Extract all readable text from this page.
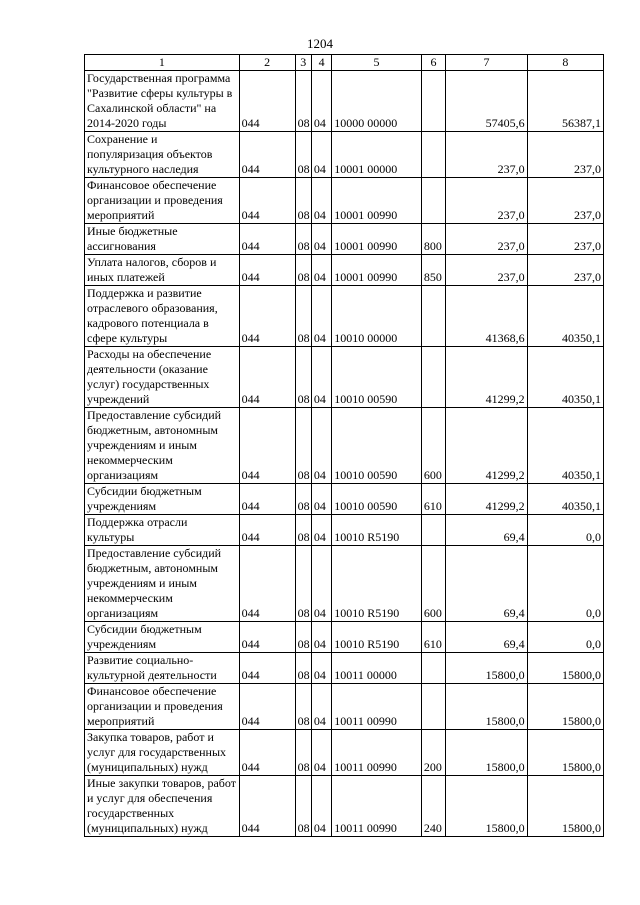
1204
1	2	3	4	5	6	7	8
Государственная программа "Развитие сферы культуры в Сахалинской области" на 2014-2020 годы	044	08	04	10000 00000		57405,6	56387,1
Сохранение и популяризация объектов культурного наследия	044	08	04	10001 00000		237,0	237,0
Финансовое обеспечение организации и проведения мероприятий	044	08	04	10001 00990		237,0	237,0
Иные бюджетные ассигнования	044	08	04	10001 00990	800	237,0	237,0
Уплата налогов, сборов и иных платежей	044	08	04	10001 00990	850	237,0	237,0
Поддержка и развитие отраслевого образования, кадрового потенциала в сфере культуры	044	08	04	10010 00000		41368,6	40350,1
Расходы на обеспечение деятельности (оказание услуг) государственных учреждений	044	08	04	10010 00590		41299,2	40350,1
Предоставление субсидий бюджетным, автономным учреждениям и иным некоммерческим организациям	044	08	04	10010 00590	600	41299,2	40350,1
Субсидии бюджетным учреждениям	044	08	04	10010 00590	610	41299,2	40350,1
Поддержка отрасли культуры	044	08	04	10010 R5190		69,4	0,0
Предоставление субсидий бюджетным, автономным учреждениям и иным некоммерческим организациям	044	08	04	10010 R5190	600	69,4	0,0
Субсидии бюджетным учреждениям	044	08	04	10010 R5190	610	69,4	0,0
Развитие социально-культурной деятельности	044	08	04	10011 00000		15800,0	15800,0
Финансовое обеспечение организации и проведения мероприятий	044	08	04	10011 00990		15800,0	15800,0
Закупка товаров, работ и услуг для государственных (муниципальных) нужд	044	08	04	10011 00990	200	15800,0	15800,0
Иные закупки товаров, работ и услуг для обеспечения государственных (муниципальных) нужд	044	08	04	10011 00990	240	15800,0	15800,0
